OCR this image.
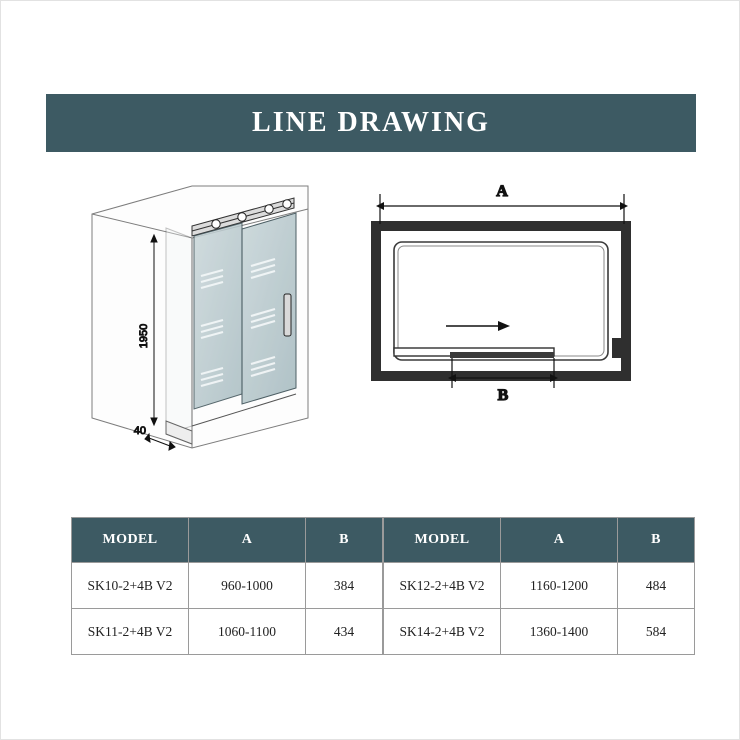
LINE DRAWING
1950
40
A
B
MODEL	A	B
SK10-2+4B V2	960-1000	384
SK11-2+4B V2	1060-1100	434
MODEL	A	B
SK12-2+4B V2	1160-1200	484
SK14-2+4B V2	1360-1400	584
